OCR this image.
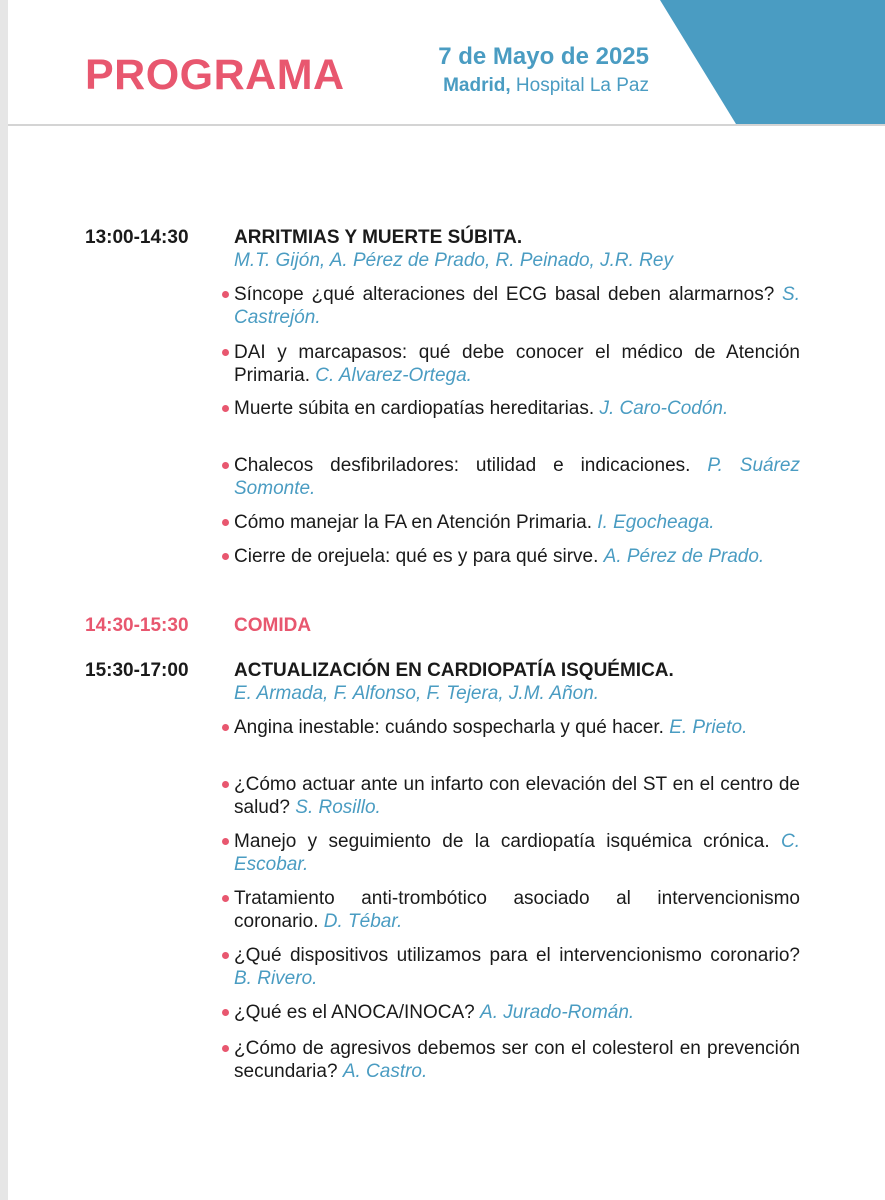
PROGRAMA	7 de Mayo de 2025
Madrid, Hospital La Paz
13:00-14:30 ARRITMIAS Y MUERTE SÚBITA.
M.T. Gijón, A. Pérez de Prado, R. Peinado, J.R. Rey
Síncope ¿qué alteraciones del ECG basal deben alarmarnos? S. Castrejón.
DAI y marcapasos: qué debe conocer el médico de Atención Primaria. C. Alvarez-Ortega.
Muerte súbita en cardiopatías hereditarias. J. Caro-Codón.
Chalecos desfibriladores: utilidad e indicaciones. P. Suárez Somonte.
Cómo manejar la FA en Atención Primaria. I. Egocheaga.
Cierre de orejuela: qué es y para qué sirve. A. Pérez de Prado.
14:30-15:30 COMIDA
15:30-17:00 ACTUALIZACIÓN EN CARDIOPATÍA ISQUÉMICA.
E. Armada, F. Alfonso, F. Tejera, J.M. Añon.
Angina inestable: cuándo sospecharla y qué hacer. E. Prieto.
¿Cómo actuar ante un infarto con elevación del ST en el centro de salud? S. Rosillo.
Manejo y seguimiento de la cardiopatía isquémica crónica. C. Escobar.
Tratamiento anti-trombótico asociado al intervencionismo coronario. D. Tébar.
¿Qué dispositivos utilizamos para el intervencionismo coronario? B. Rivero.
¿Qué es el ANOCA/INOCA? A. Jurado-Román.
¿Cómo de agresivos debemos ser con el colesterol en prevención secundaria? A. Castro.
